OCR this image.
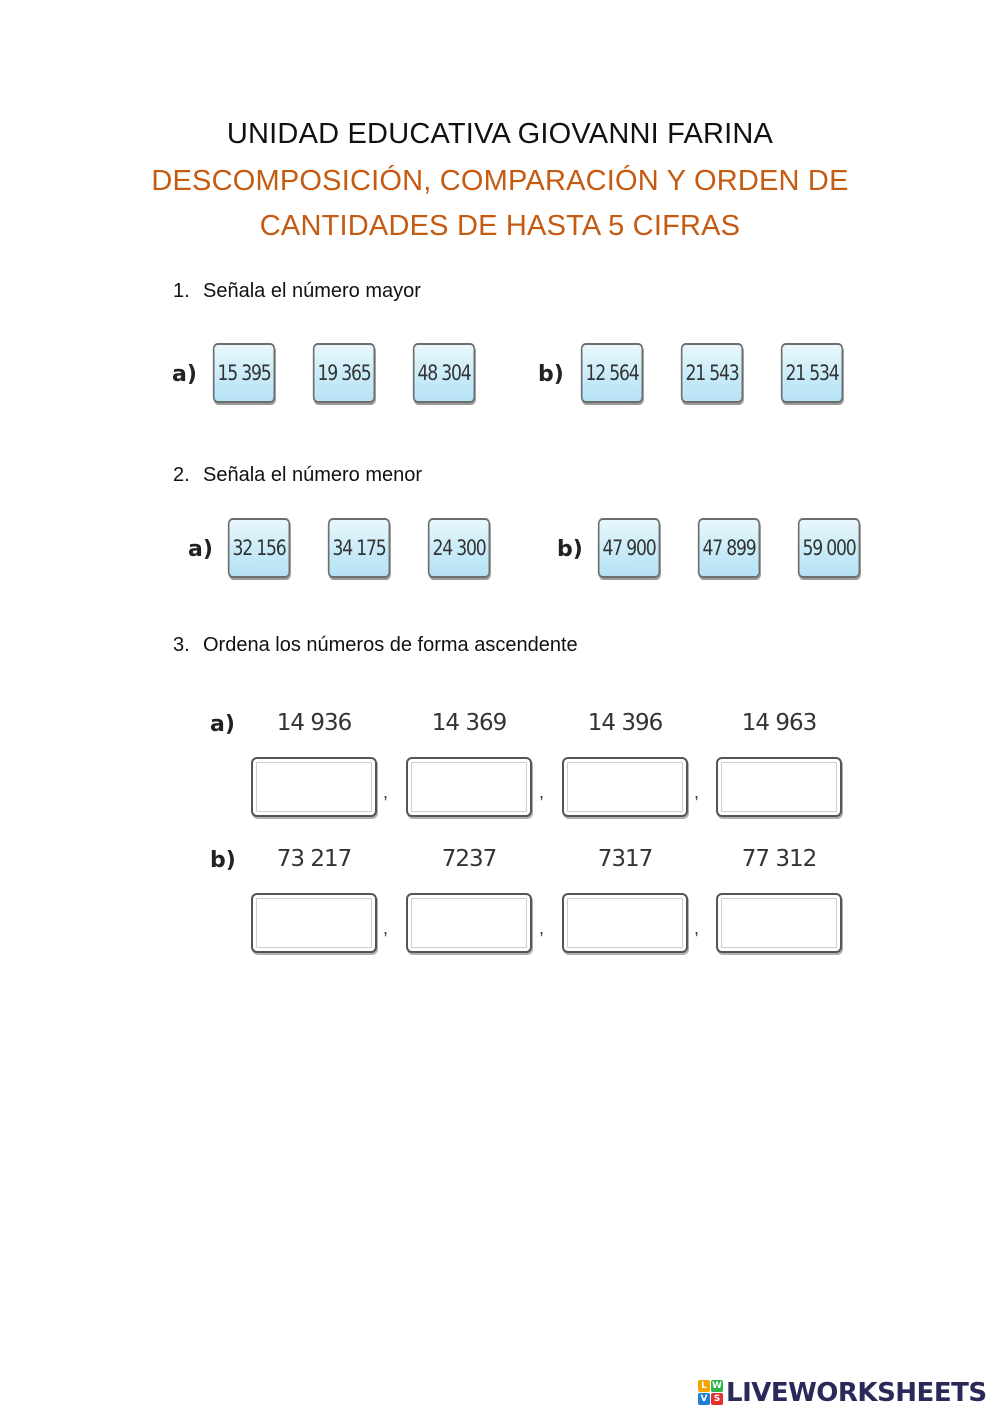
UNIDAD EDUCATIVA GIOVANNI FARINA
DESCOMPOSICIÓN, COMPARACIÓN Y ORDEN DE
CANTIDADES DE HASTA 5 CIFRAS
1. Señala el número mayor
a) 15 395 19 365 48 304	b) 12 564 21 543 21 534
2. Señala el número menor
a) 32 156 34 175 24 300	b) 47 900 47 899 59 000
3. Ordena los números de forma ascendente
a)	14 936	14 369	14 396	14 963
,	,	,
b)	73 217	7237	7317	77 312
,	,	,
L W
V S LIVEWORKSHEETS
